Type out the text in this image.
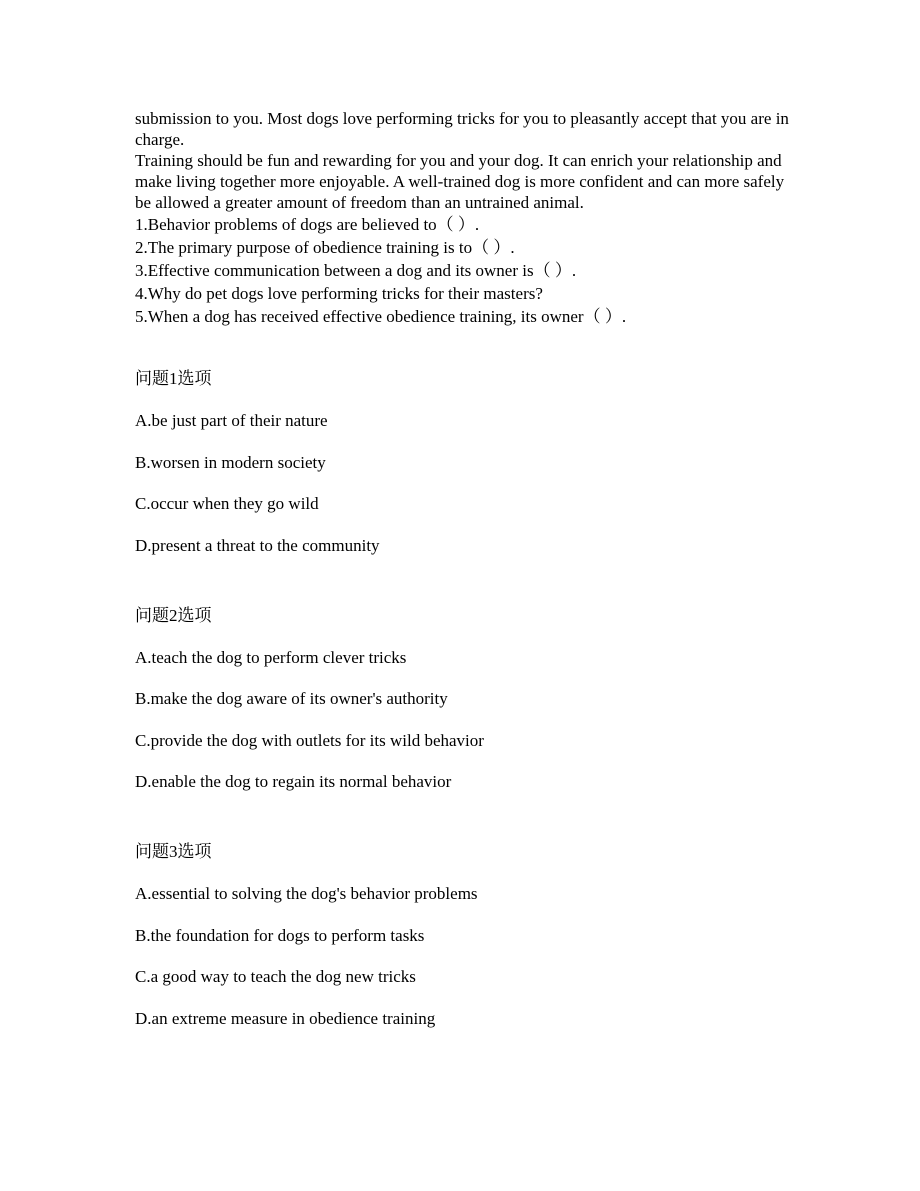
submission to you. Most dogs love performing tricks for you to pleasantly accept that you are in charge.

Training should be fun and rewarding for you and your dog. It can enrich your relationship and make living together more enjoyable. A well-trained dog is more confident and can more safely be allowed a greater amount of freedom than an untrained animal.

1.Behavior problems of dogs are believed to（ ）.
2.The primary purpose of obedience training is to（ ）.
3.Effective communication between a dog and its owner is（ ）.
4.Why do pet dogs love performing tricks for their masters?
5.When a dog has received effective obedience training, its owner（ ）.
问题1选项
A.be just part of their nature
B.worsen in modern society
C.occur when they go wild
D.present a threat to the community
问题2选项
A.teach the dog to perform clever tricks
B.make the dog aware of its owner's authority
C.provide the dog with outlets for its wild behavior
D.enable the dog to regain its normal behavior
问题3选项
A.essential to solving the dog's behavior problems
B.the foundation for dogs to perform tasks
C.a good way to teach the dog new tricks
D.an extreme measure in obedience training
